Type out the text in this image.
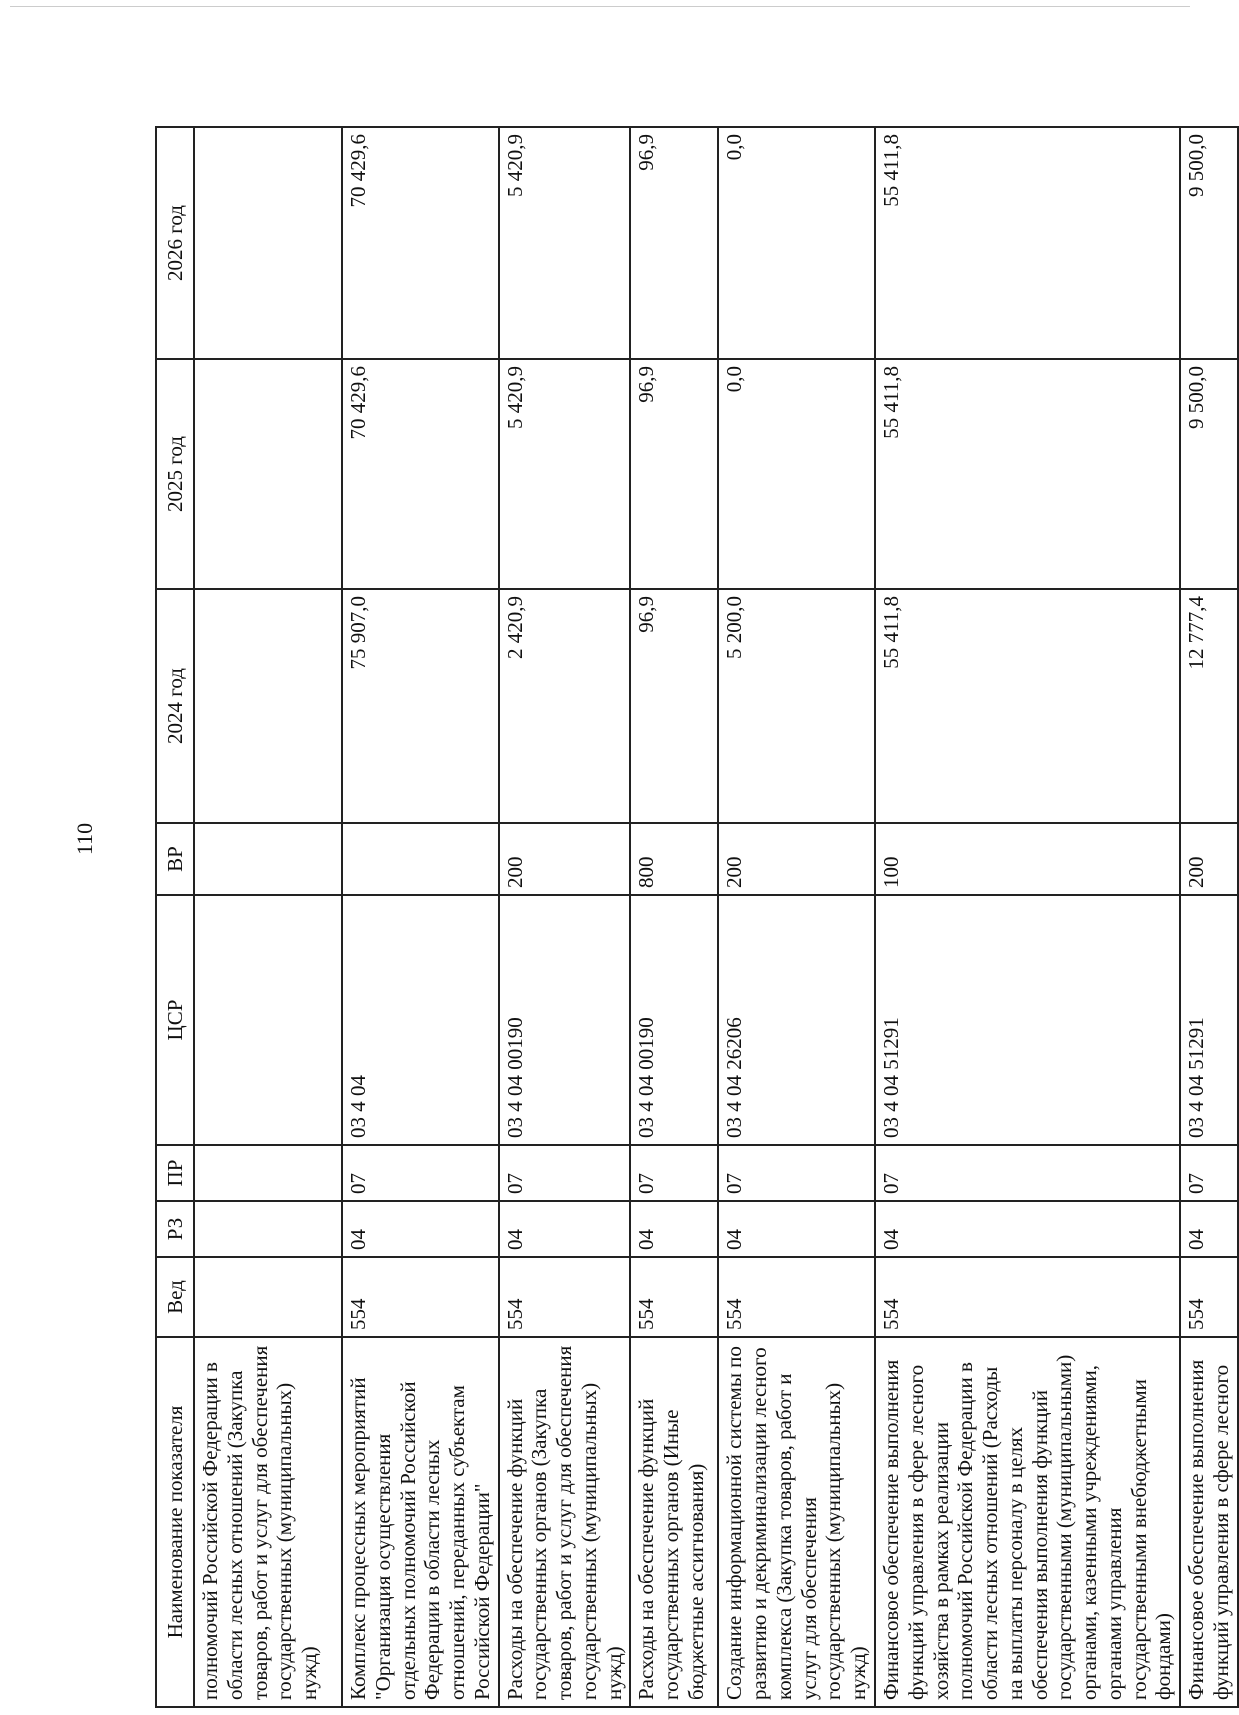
110
Наименование показателя	Вед	РЗ	ПР	ЦСР	ВР	2024 год	2025 год	2026 год
полномочий Российской Федерации в области лесных отношений (Закупка товаров, работ и услуг для обеспечения государственных (муниципальных) нужд)								
Комплекс процессных мероприятий "Организация осуществления отдельных полномочий Российской Федерации в области лесных отношений, переданных субъектам Российской Федерации"	554	04	07	03 4 04		75 907,0	70 429,6	70 429,6
Расходы на обеспечение функций государственных органов (Закупка товаров, работ и услуг для обеспечения государственных (муниципальных) нужд)	554	04	07	03 4 04 00190	200	2 420,9	5 420,9	5 420,9
Расходы на обеспечение функций государственных органов (Иные бюджетные ассигнования)	554	04	07	03 4 04 00190	800	96,9	96,9	96,9
Создание информационной системы по развитию и декриминализации лесного комплекса (Закупка товаров, работ и услуг для обеспечения государственных (муниципальных) нужд)	554	04	07	03 4 04 26206	200	5 200,0	0,0	0,0
Финансовое обеспечение выполнения функций управления в сфере лесного хозяйства в рамках реализации полномочий Российской Федерации в области лесных отношений (Расходы на выплаты персоналу в целях обеспечения выполнения функций государственными (муниципальными) органами, казенными учреждениями, органами управления государственными внебюджетными фондами)	554	04	07	03 4 04 51291	100	55 411,8	55 411,8	55 411,8
Финансовое обеспечение выполнения функций управления в сфере лесного	554	04	07	03 4 04 51291	200	12 777,4	9 500,0	9 500,0
